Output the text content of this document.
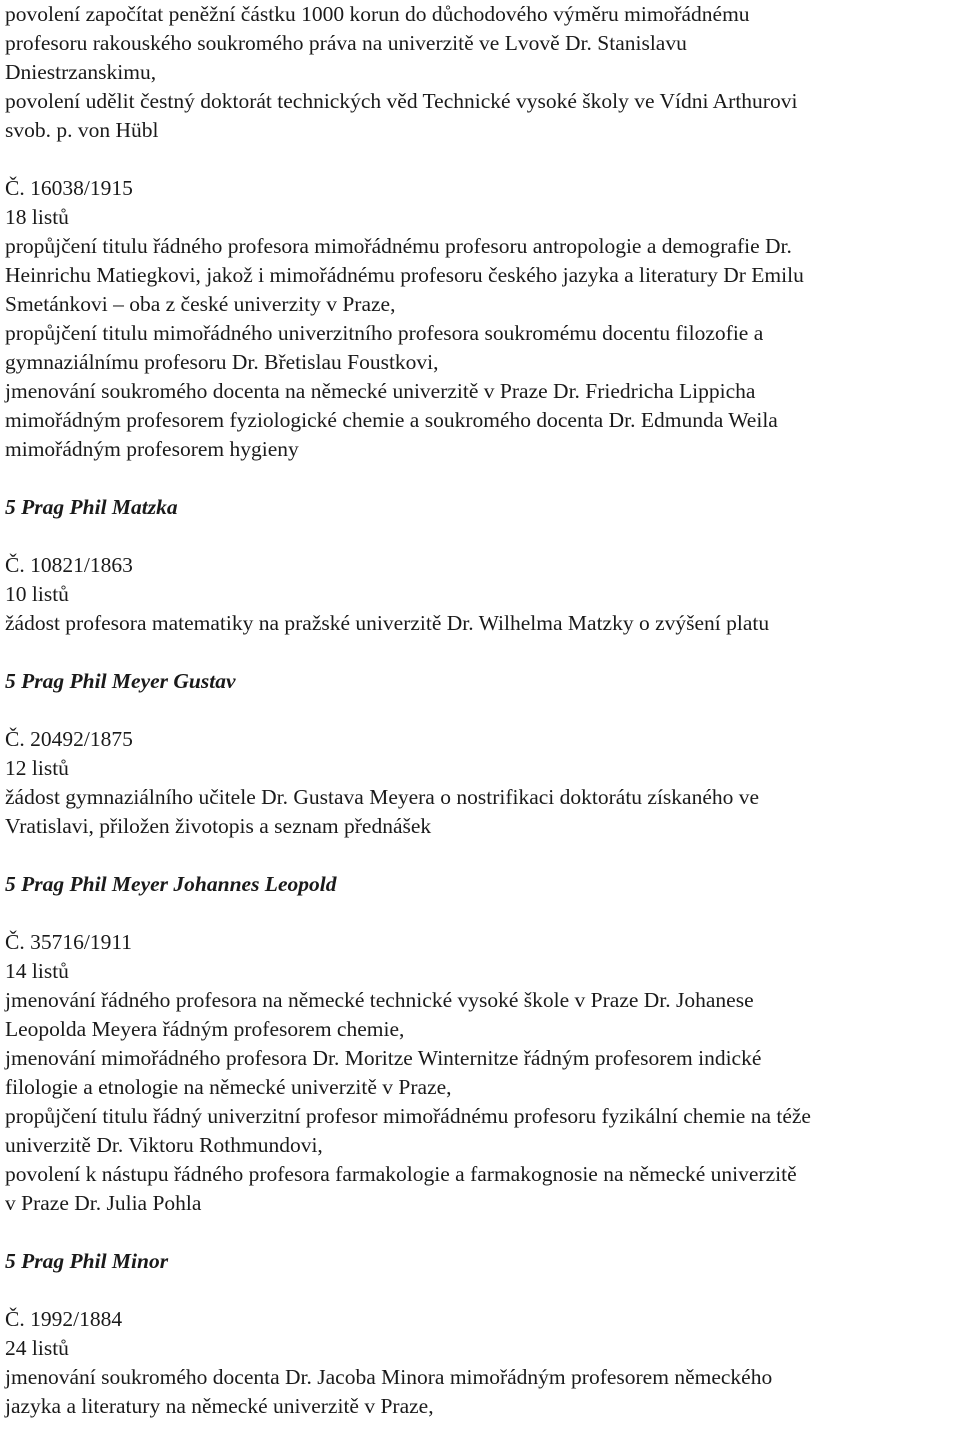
povolení započítat peněžní částku 1000 korun do důchodového výměru mimořádnému
profesoru rakouského soukromého práva na univerzitě ve Lvově Dr. Stanislavu
Dniestrzanskimu,
povolení udělit čestný doktorát technických věd Technické vysoké školy ve Vídni Arthurovi
svob. p. von Hübl
Č. 16038/1915
18 listů
propůjčení titulu řádného profesora mimořádnému profesoru antropologie a demografie Dr.
Heinrichu Matiegkovi, jakož i mimořádnému profesoru českého jazyka a literatury Dr Emilu
Smetánkovi – oba z české univerzity v Praze,
propůjčení titulu mimořádného univerzitního profesora soukromému docentu filozofie a
gymnaziálnímu profesoru Dr. Břetislau Foustkovi,
jmenování soukromého docenta na německé univerzitě v Praze Dr. Friedricha Lippicha
mimořádným profesorem fyziologické chemie a soukromého docenta Dr. Edmunda Weila
mimořádným profesorem hygieny
5 Prag Phil Matzka
Č. 10821/1863
10 listů
žádost profesora matematiky na pražské univerzitě Dr. Wilhelma Matzky o zvýšení platu
5 Prag Phil Meyer Gustav
Č. 20492/1875
12 listů
žádost gymnaziálního učitele Dr. Gustava Meyera o nostrifikaci doktorátu získaného ve
Vratislavi, přiložen životopis a seznam přednášek
5 Prag Phil Meyer Johannes Leopold
Č. 35716/1911
14 listů
jmenování řádného profesora na německé technické vysoké škole v Praze Dr. Johanese
Leopolda Meyera řádným profesorem chemie,
jmenování mimořádného profesora Dr. Moritze Winternitze řádným profesorem indické
filologie a etnologie na německé univerzitě v Praze,
propůjčení titulu řádný univerzitní profesor mimořádnému profesoru fyzikální chemie na téže
univerzitě Dr. Viktoru Rothmundovi,
povolení k nástupu řádného profesora farmakologie a farmakognosie na německé univerzitě
v Praze Dr. Julia Pohla
5 Prag Phil Minor
Č. 1992/1884
24 listů
jmenování soukromého docenta Dr. Jacoba Minora mimořádným profesorem německého
jazyka a literatury na německé univerzitě v Praze,
